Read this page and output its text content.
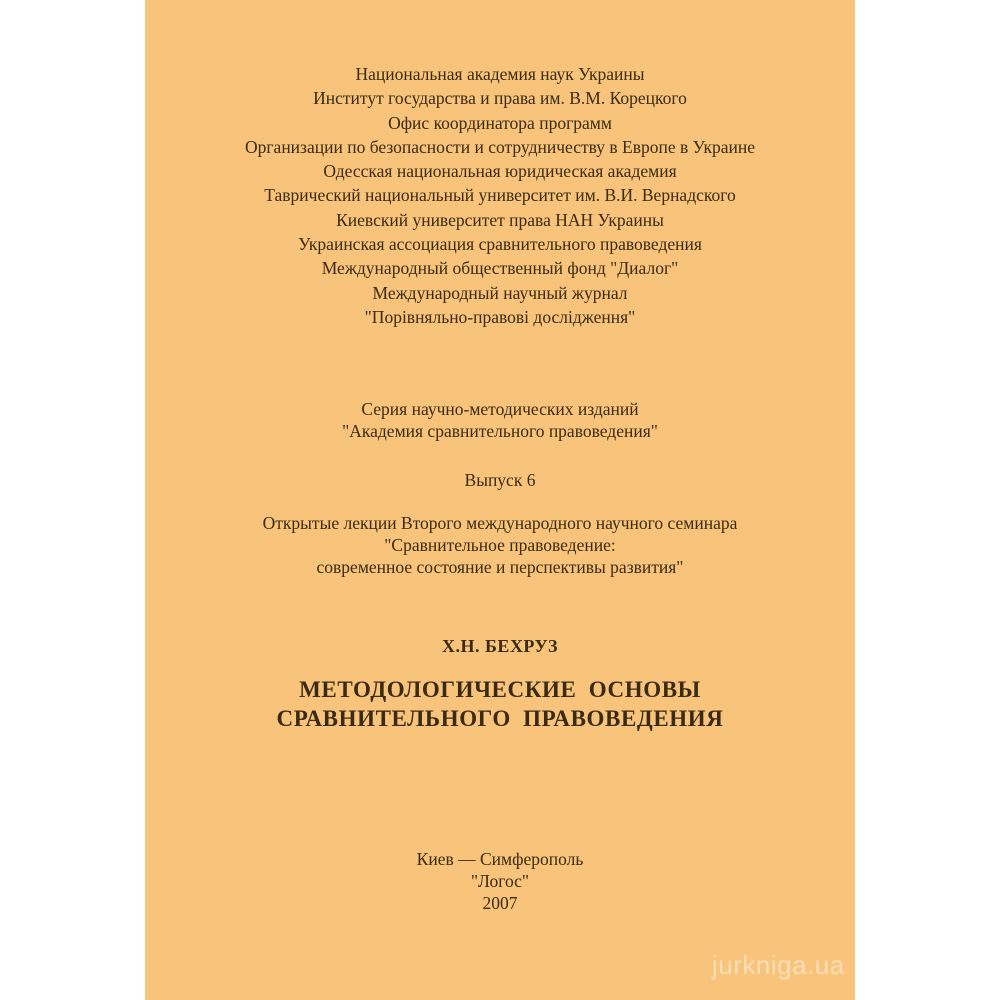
Национальная академия наук Украины
Институт государства и права им. В.М. Корецкого
Офис координатора программ
Организации по безопасности и сотрудничеству в Европе в Украине
Одесская национальная юридическая академия
Таврический национальный университет им. В.И. Вернадского
Киевский университет права НАН Украины
Украинская ассоциация сравнительного правоведения
Международный общественный фонд "Диалог"
Международный научный журнал
"Порівняльно-правові дослідження"
Серия научно-методических изданий
"Академия сравнительного правоведения"
Выпуск 6
Открытые лекции Второго международного научного семинара
"Сравнительное правоведение:
современное состояние и перспективы развития"
Х.Н. БЕХРУЗ
МЕТОДОЛОГИЧЕСКИЕ ОСНОВЫ
СРАВНИТЕЛЬНОГО ПРАВОВЕДЕНИЯ
Киев — Симферополь
"Логос"
2007
jurkniga.ua
